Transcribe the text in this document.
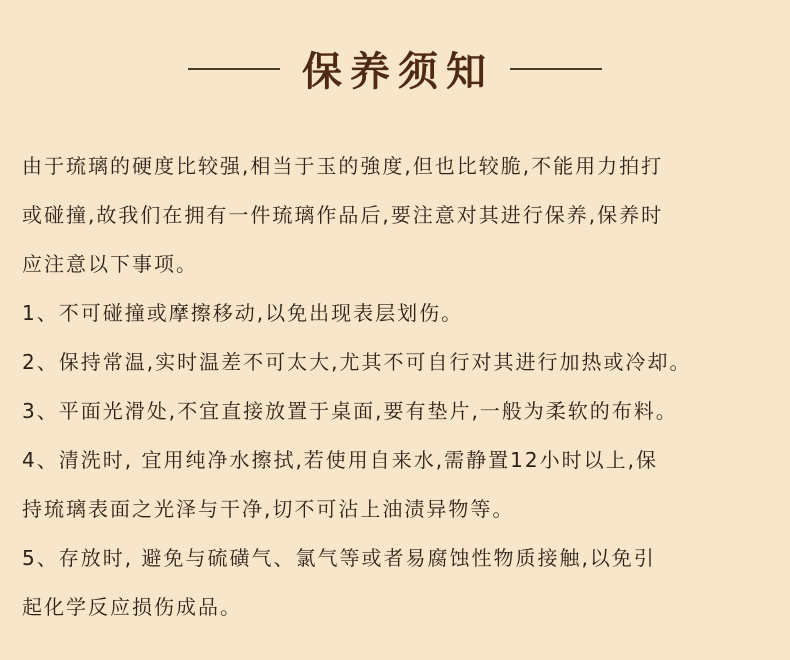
保养须知
由于琉璃的硬度比较强,相当于玉的強度,但也比较脆,不能用力拍打
或碰撞,故我们在拥有一件琉璃作品后,要注意对其进行保养,保养时
应注意以下事项。
1、不可碰撞或摩擦移动,以免出现表层划伤。
2、保持常温,实时温差不可太大,尤其不可自行对其进行加热或冷却。
3、平面光滑处,不宜直接放置于桌面,要有垫片,一般为柔软的布料。
4、清洗时, 宜用纯净水擦拭,若使用自来水,需静置12小时以上,保
持琉璃表面之光泽与干净,切不可沾上油渍异物等。
5、存放时, 避免与硫磺气、氯气等或者易腐蚀性物质接触,以免引
起化学反应损伤成品。
